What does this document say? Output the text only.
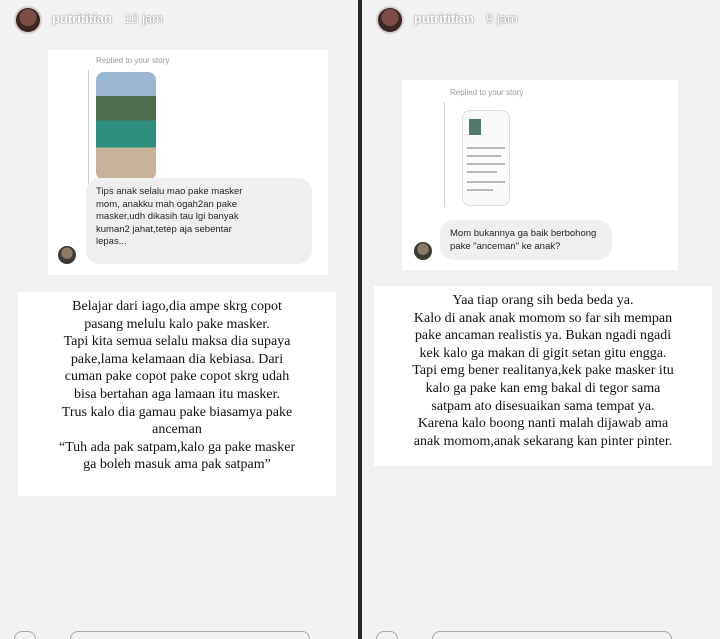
putrititian 10 jam
Replied to your story
Tips anak selalu mao pake masker
mom, anakku mah ogah2an pake
masker,udh dikasih tau lgi banyak
kuman2 jahat,tetep aja sebentar
lepas...
Belajar dari iago,dia ampe skrg copot
pasang melulu kalo pake masker.
Tapi kita semua selalu maksa dia supaya
pake,lama kelamaan dia kebiasa. Dari
cuman pake copot pake copot skrg udah
bisa bertahan aga lamaan itu masker.
Trus kalo dia gamau pake biasamya pake
anceman
“Tuh ada pak satpam,kalo ga pake masker
ga boleh masuk ama pak satpam”
putrititian 9 jam
Replied to your story
Mom bukannya ga baik berbohong
pake "anceman" ke anak?
Yaa tiap orang sih beda beda ya.
Kalo di anak anak momom so far sih mempan
pake ancaman realistis ya. Bukan ngadi ngadi
kek kalo ga makan di gigit setan gitu engga.
Tapi emg bener realitanya,kek pake masker itu
kalo ga pake kan emg bakal di tegor sama
satpam ato disesuaikan sama tempat ya.
Karena kalo boong nanti malah dijawab ama
anak momom,anak sekarang kan pinter pinter.
